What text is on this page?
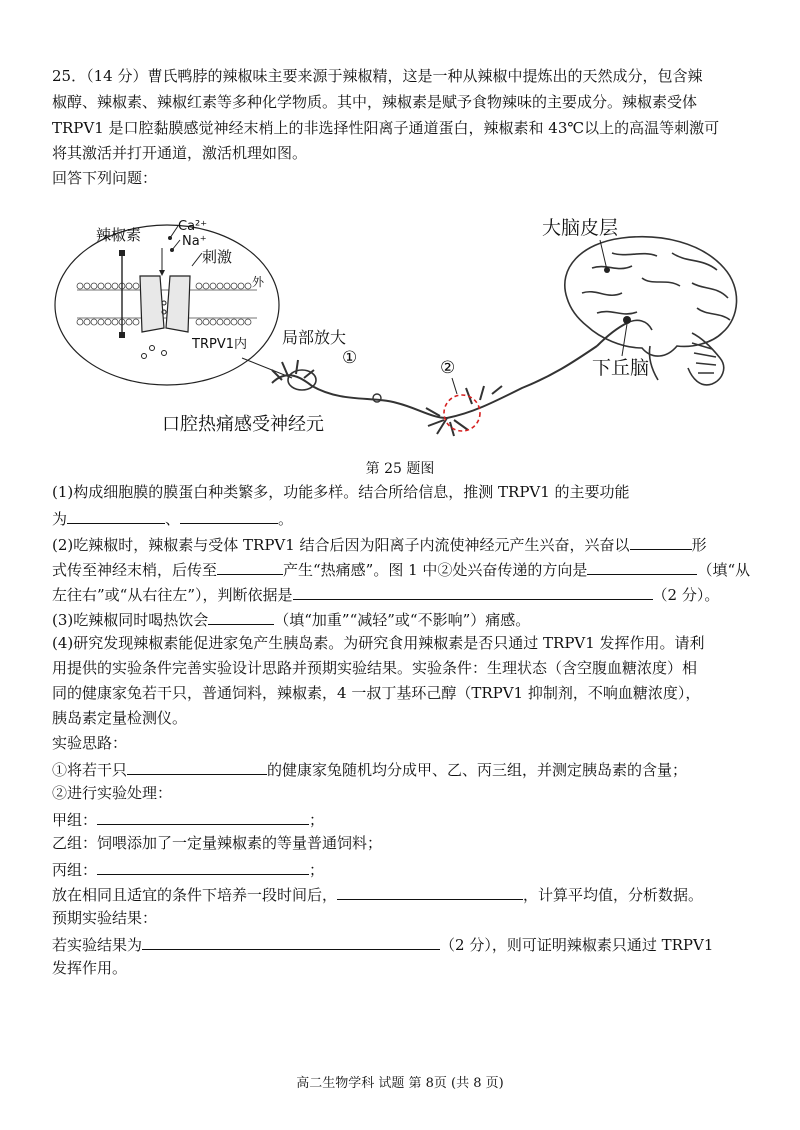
25．（14 分）曹氏鸭脖的辣椒味主要来源于辣椒精，这是一种从辣椒中提炼出的天然成分，包含辣
椒醇、辣椒素、辣椒红素等多种化学物质。其中，辣椒素是赋予食物辣味的主要成分。辣椒素受体
TRPV1 是口腔黏膜感觉神经末梢上的非选择性阳离子通道蛋白，辣椒素和 43℃以上的高温等刺激可
将其激活并打开通道，激活机理如图。
回答下列问题：
辣椒素	Ca²⁺
Na⁺
刺激
外
TRPV1内 局部放大
①	②
口腔热痛感受神经元
大脑皮层
下丘脑
第 25 题图
(1)构成细胞膜的膜蛋白种类繁多，功能多样。结合所给信息，推测 TRPV1 的主要功能
为	、	。
(2)吃辣椒时，辣椒素与受体 TRPV1 结合后因为阳离子内流使神经元产生兴奋，兴奋以	形
式传至神经末梢，后传至	产生“热痛感”。图 1 中②处兴奋传递的方向是	（填“从
左往右”或“从右往左”），判断依据是	（2 分）。
(3)吃辣椒同时喝热饮会	（填“加重”“减轻”或“不影响”）痛感。
(4)研究发现辣椒素能促进家兔产生胰岛素。为研究食用辣椒素是否只通过 TRPV1 发挥作用。请利
用提供的实验条件完善实验设计思路并预期实验结果。实验条件：生理状态（含空腹血糖浓度）相
同的健康家兔若干只，普通饲料，辣椒素，4 一叔丁基环己醇（TRPV1 抑制剂，不响血糖浓度），
胰岛素定量检测仪。
实验思路：
①将若干只	的健康家兔随机均分成甲、乙、丙三组，并测定胰岛素的含量；
②进行实验处理：
甲组：	；
乙组：饲喂添加了一定量辣椒素的等量普通饲料；
丙组：	；
放在相同且适宜的条件下培养一段时间后，	，计算平均值，分析数据。
预期实验结果：
若实验结果为	（2 分），则可证明辣椒素只通过 TRPV1
发挥作用。
高二生物学科 试题 第 8页 (共 8 页)
